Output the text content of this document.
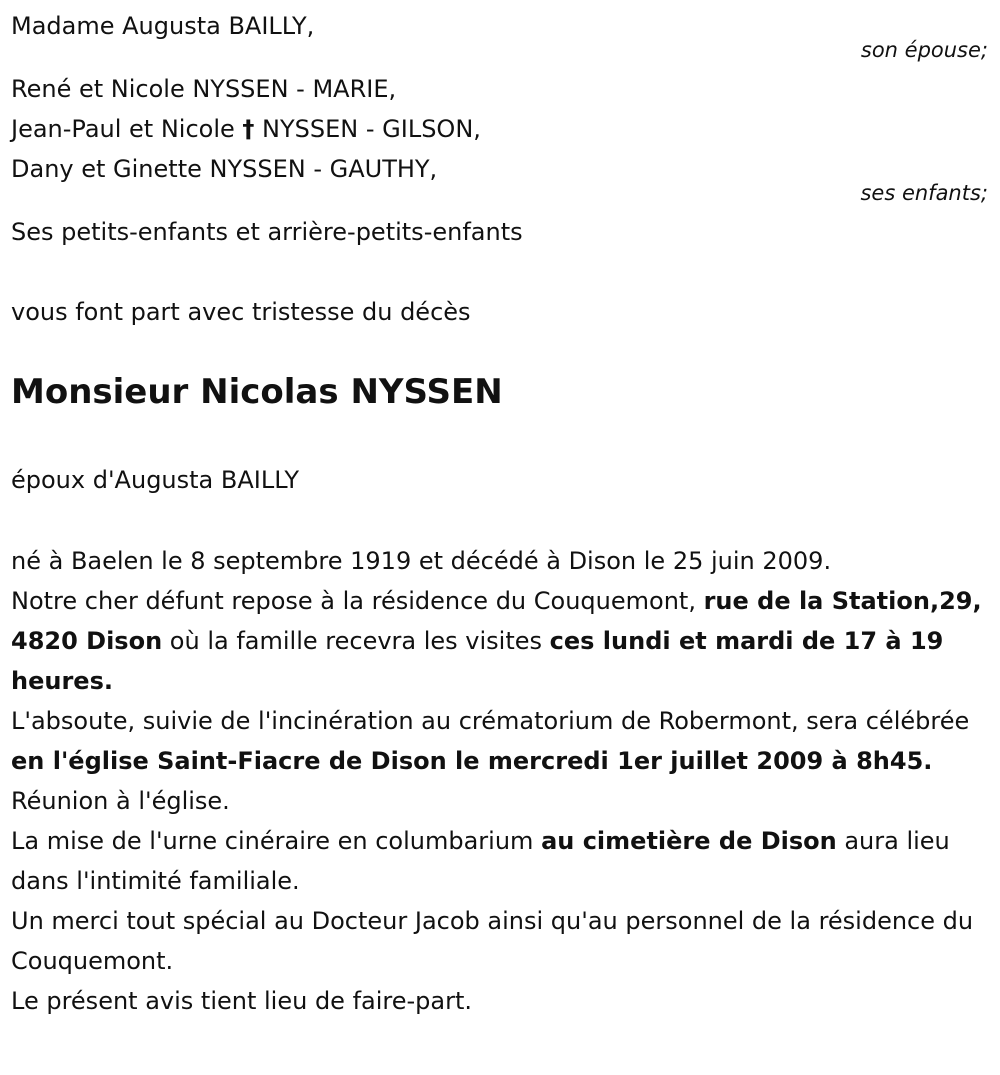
Madame Augusta BAILLY,
son épouse;
René et Nicole NYSSEN - MARIE,
Jean-Paul et Nicole † NYSSEN - GILSON,
Dany et Ginette NYSSEN - GAUTHY,
ses enfants;
Ses petits-enfants et arrière-petits-enfants
vous font part avec tristesse du décès
Monsieur Nicolas NYSSEN
époux d'Augusta BAILLY

né à Baelen le 8 septembre 1919 et décédé à Dison le 25 juin 2009.

Notre cher défunt repose à la résidence du Couquemont, rue de la Station,29, 4820 Dison où la famille recevra les visites ces lundi et mardi de 17 à 19 heures.

L'absoute, suivie de l'incinération au crématorium de Robermont, sera célébrée en l'église Saint-Fiacre de Dison le mercredi 1er juillet 2009 à 8h45.

Réunion à l'église.

La mise de l'urne cinéraire en columbarium au cimetière de Dison aura lieu dans l'intimité familiale.

Un merci tout spécial au Docteur Jacob ainsi qu'au personnel de la résidence du Couquemont.

Le présent avis tient lieu de faire-part.
